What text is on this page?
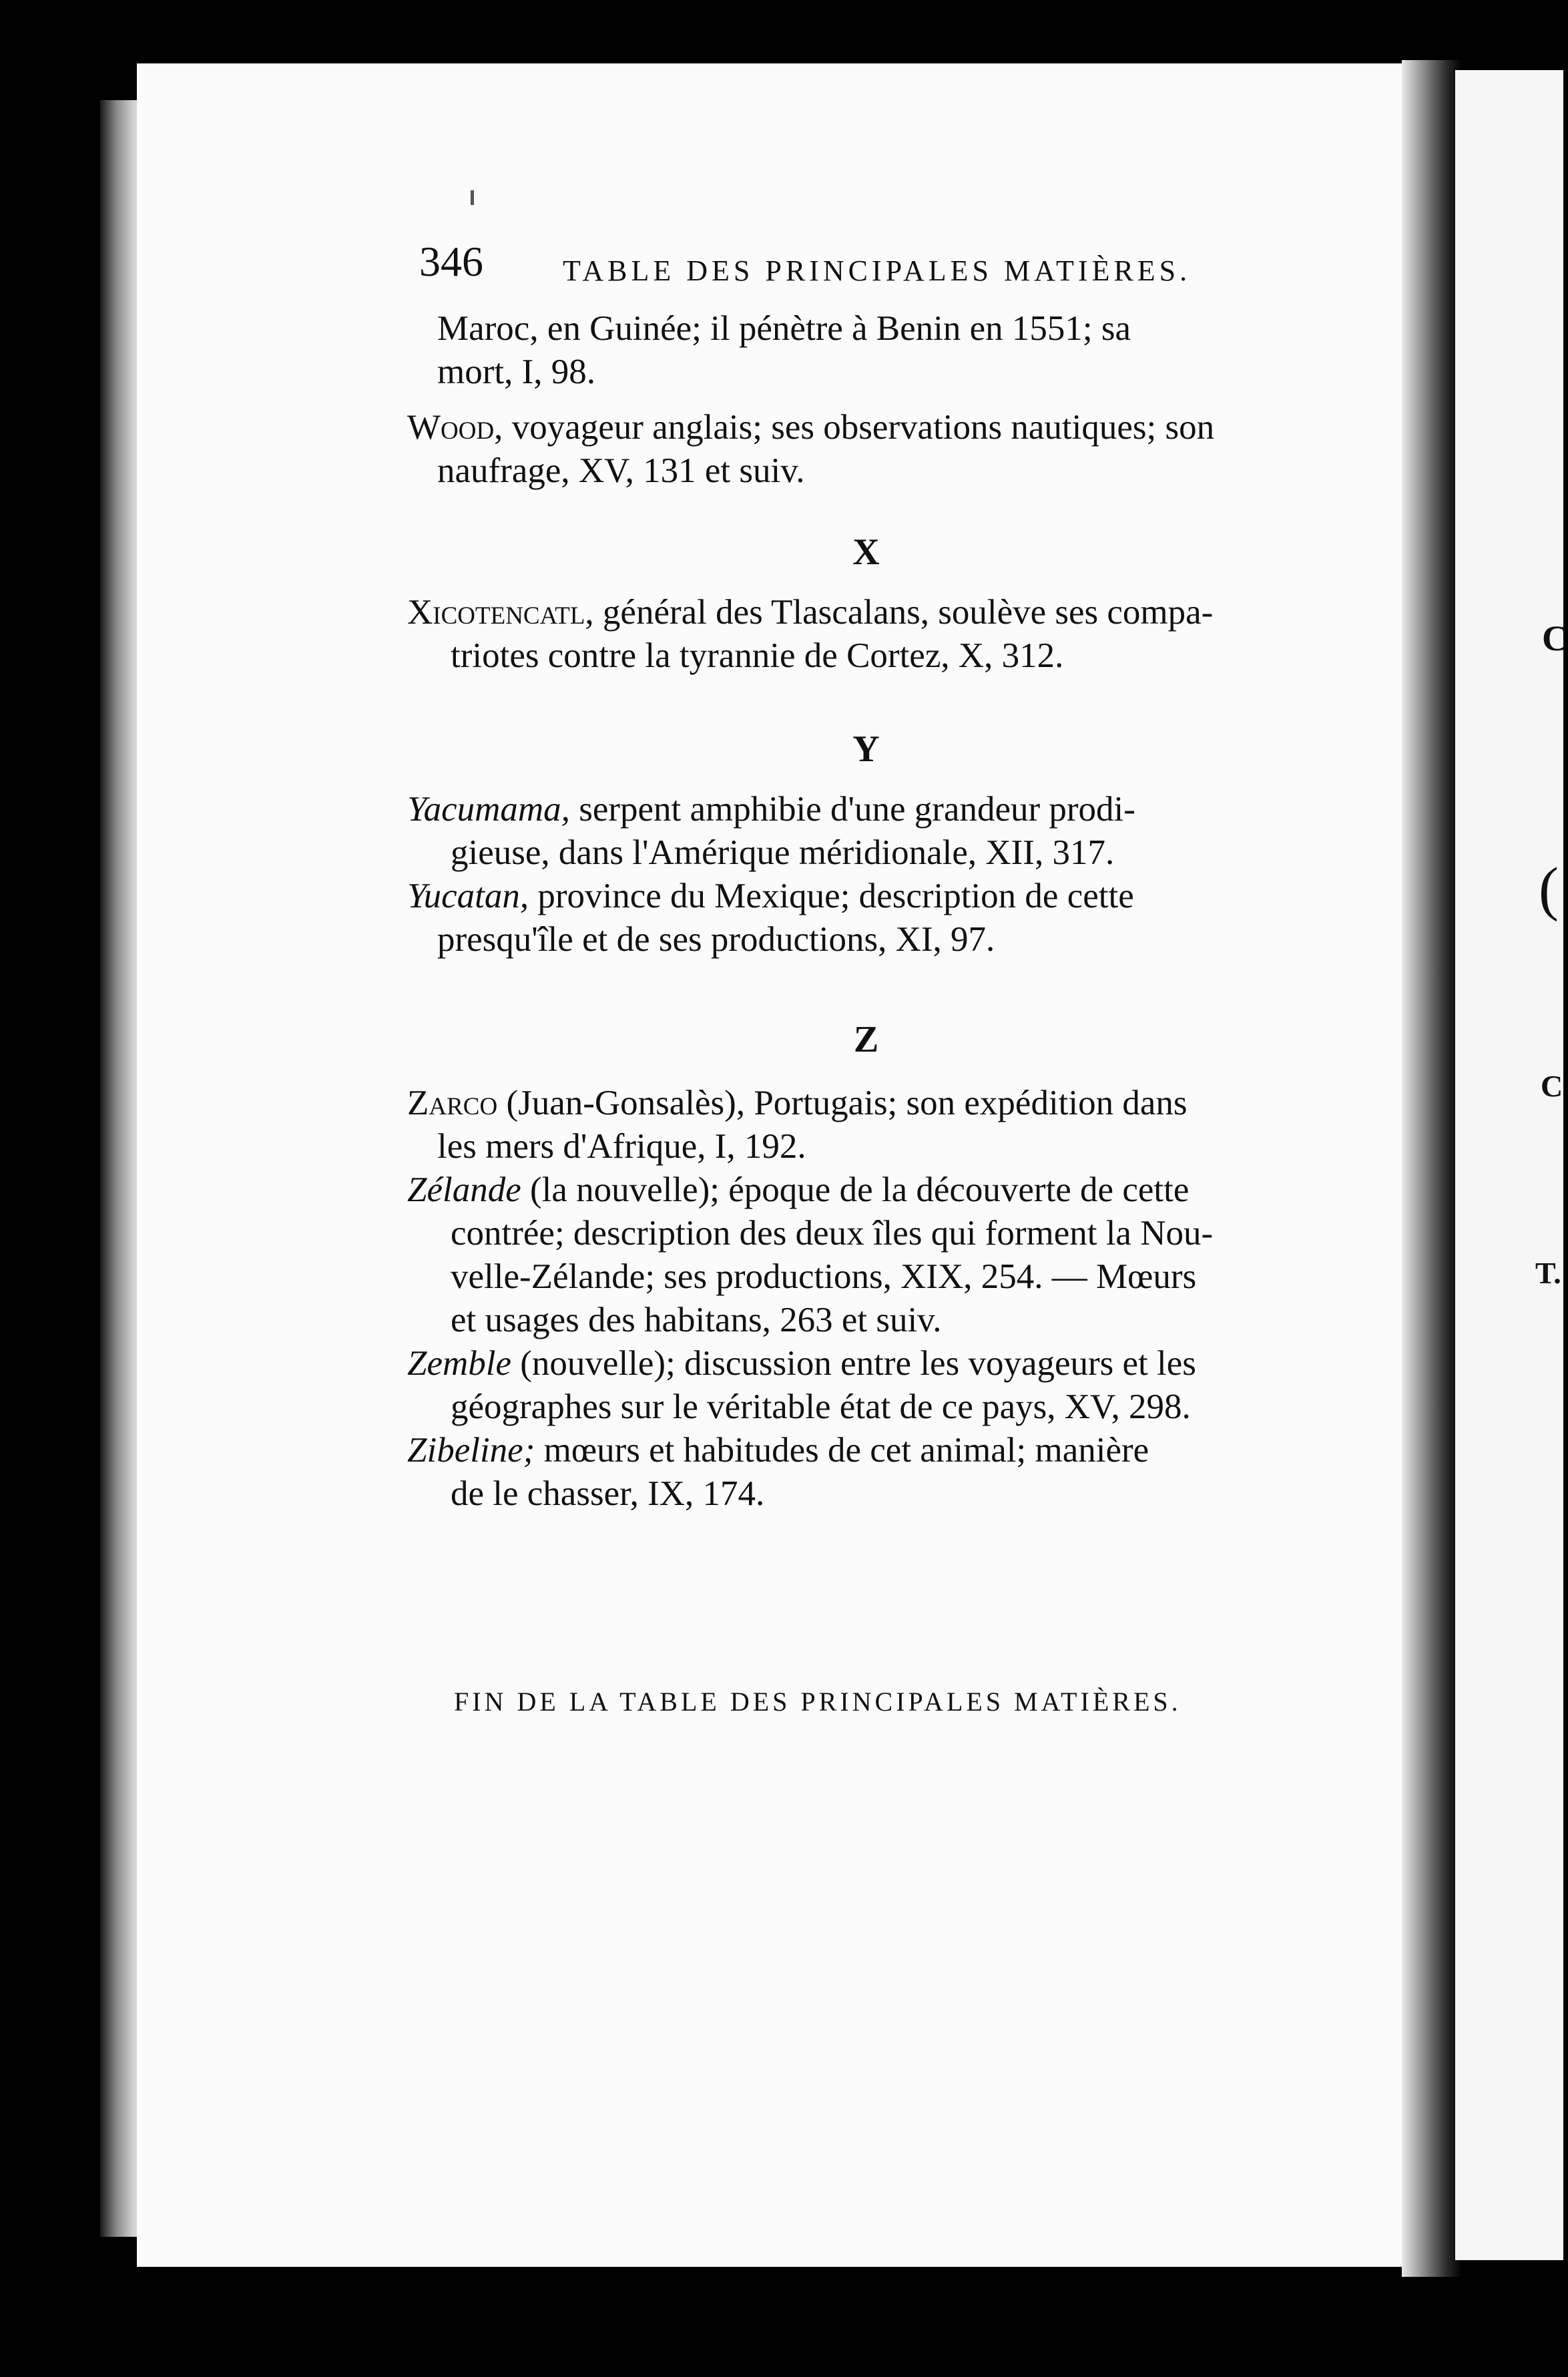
C
(
C
T.
346	TABLE DES PRINCIPALES MATIÈRES.
Maroc, en Guinée; il pénètre à Benin en 1551; sa
mort, I, 98.
Wood, voyageur anglais; ses observations nautiques; son
naufrage, XV, 131 et suiv.
X
Xicotencatl, général des Tlascalans, soulève ses compa-
triotes contre la tyrannie de Cortez, X, 312.
Y
Yacumama, serpent amphibie d'une grandeur prodi-
gieuse, dans l'Amérique méridionale, XII, 317.
Yucatan, province du Mexique; description de cette
presqu'île et de ses productions, XI, 97.
Z
Zarco (Juan-Gonsalès), Portugais; son expédition dans
les mers d'Afrique, I, 192.
Zélande (la nouvelle); époque de la découverte de cette
contrée; description des deux îles qui forment la Nou-
velle-Zélande; ses productions, XIX, 254. — Mœurs
et usages des habitans, 263 et suiv.
Zemble (nouvelle); discussion entre les voyageurs et les
géographes sur le véritable état de ce pays, XV, 298.
Zibeline; mœurs et habitudes de cet animal; manière
de le chasser, IX, 174.
FIN DE LA TABLE DES PRINCIPALES MATIÈRES.
